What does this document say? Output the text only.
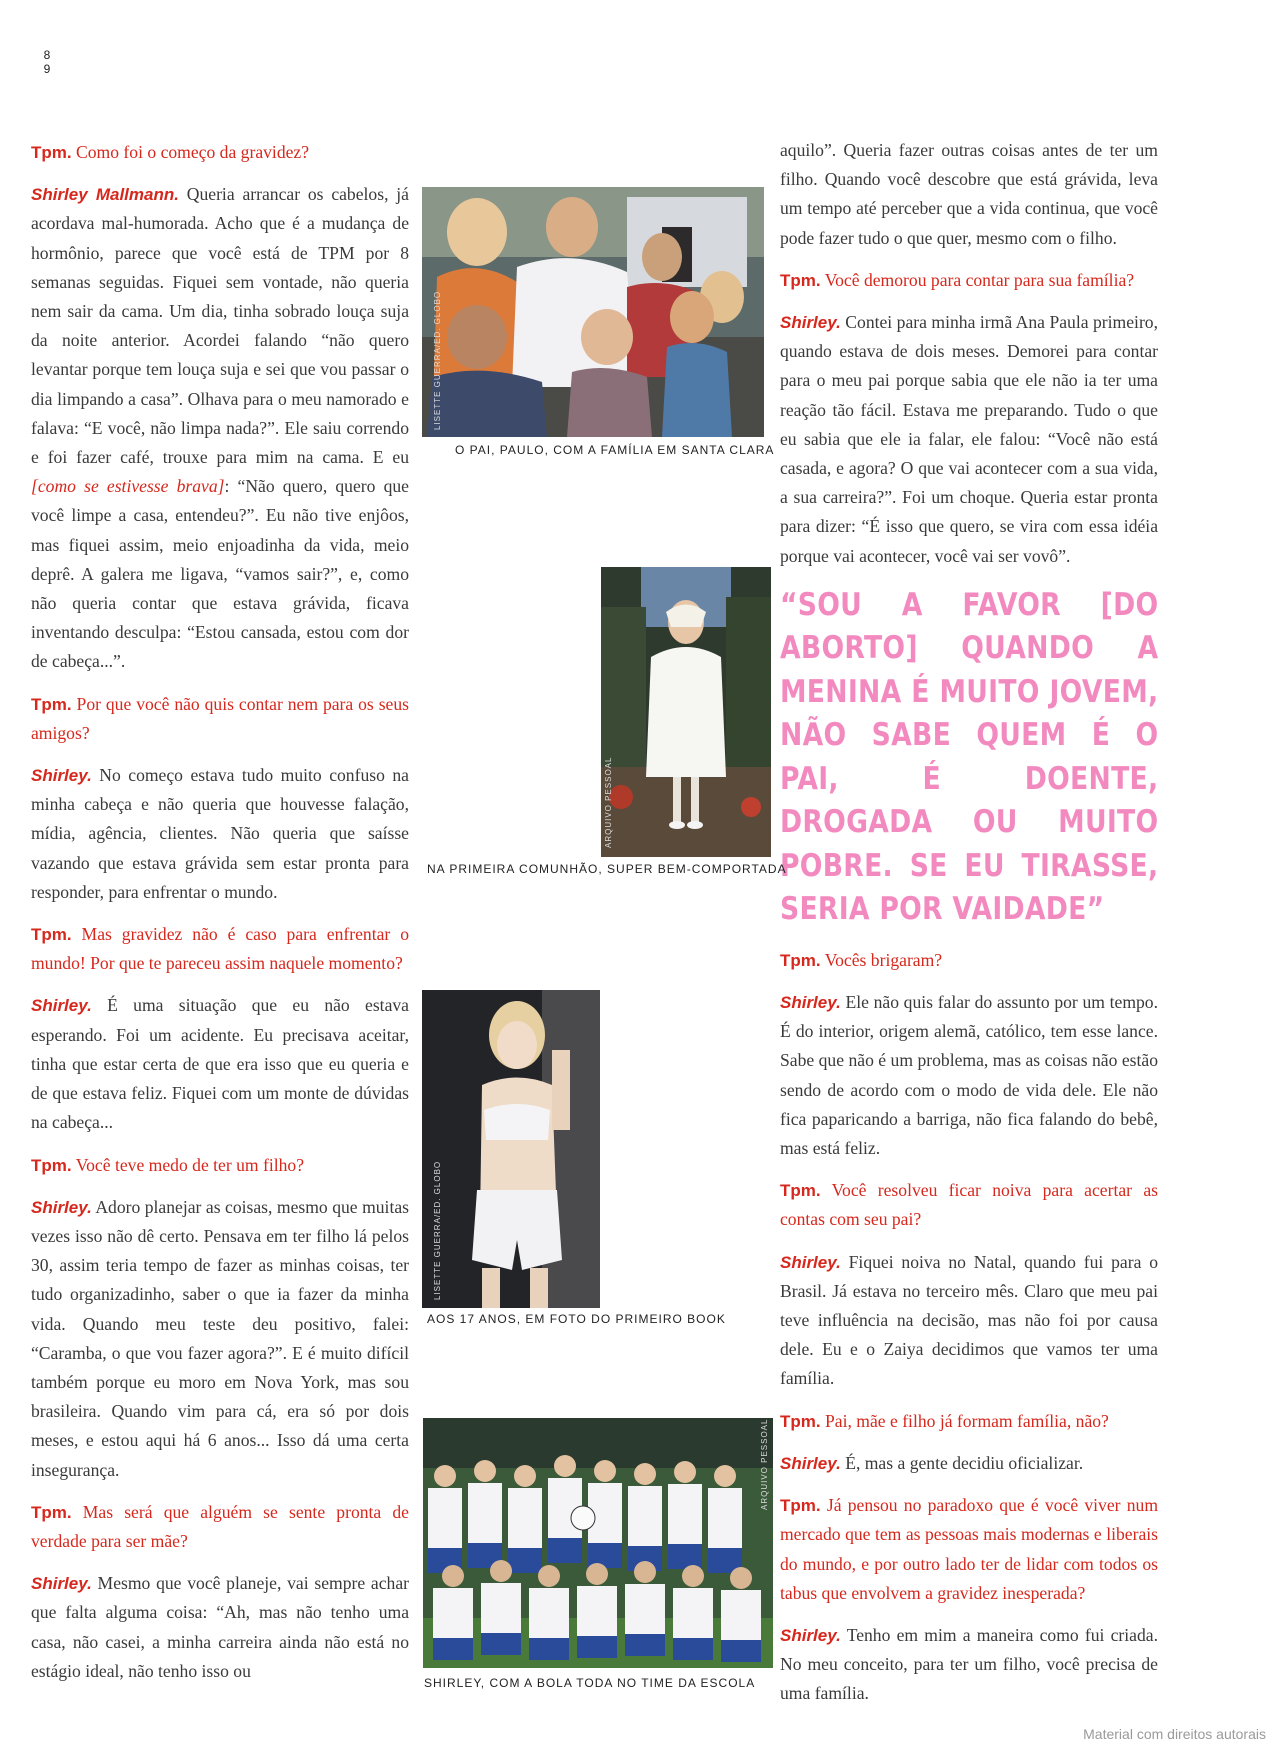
8
9

Tpm. Como foi o começo da gravidez?

Shirley Mallmann. Queria arrancar os cabelos, já acordava mal-humorada. Acho que é a mudança de hormônio, parece que você está de TPM por 8 semanas seguidas. Fiquei sem vontade, não queria nem sair da cama. Um dia, tinha sobrado louça suja da noite anterior. Acordei falando “não quero levantar porque tem louça suja e sei que vou passar o dia limpando a casa”. Olhava para o meu namorado e falava: “E você, não limpa nada?”. Ele saiu correndo e foi fazer café, trouxe para mim na cama. E eu [como se estivesse brava]: “Não quero, quero que você limpe a casa, entendeu?”. Eu não tive enjôos, mas fiquei assim, meio enjoadinha da vida, meio deprê. A galera me ligava, “vamos sair?”, e, como não queria contar que estava grávida, ficava inventando desculpa: “Estou cansada, estou com dor de cabeça...”.

Tpm. Por que você não quis contar nem para os seus amigos?

Shirley. No começo estava tudo muito confuso na minha cabeça e não queria que houvesse falação, mídia, agência, clientes. Não queria que saísse vazando que estava grávida sem estar pronta para responder, para enfrentar o mundo.

Tpm. Mas gravidez não é caso para enfrentar o mundo! Por que te pareceu assim naquele momento?

Shirley. É uma situação que eu não estava esperando. Foi um acidente. Eu precisava aceitar, tinha que estar certa de que era isso que eu queria e de que estava feliz. Fiquei com um monte de dúvidas na cabeça...

Tpm. Você teve medo de ter um filho?

Shirley. Adoro planejar as coisas, mesmo que muitas vezes isso não dê certo. Pensava em ter filho lá pelos 30, assim teria tempo de fazer as minhas coisas, ter tudo organizadinho, saber o que ia fazer da minha vida. Quando meu teste deu positivo, falei: “Caramba, o que vou fazer agora?”. E é muito difícil também porque eu moro em Nova York, mas sou brasileira. Quando vim para cá, era só por dois meses, e estou aqui há 6 anos... Isso dá uma certa insegurança.

Tpm. Mas será que alguém se sente pronta de verdade para ser mãe?

Shirley. Mesmo que você planeje, vai sempre achar que falta alguma coisa: “Ah, mas não tenho uma casa, não casei, a minha carreira ainda não está no estágio ideal, não tenho isso ou

aquilo”. Queria fazer outras coisas antes de ter um filho. Quando você descobre que está grávida, leva um tempo até perceber que a vida continua, que você pode fazer tudo o que quer, mesmo com o filho.

Tpm. Você demorou para contar para sua família?

Shirley. Contei para minha irmã Ana Paula primeiro, quando estava de dois meses. Demorei para contar para o meu pai porque sabia que ele não ia ter uma reação tão fácil. Estava me preparando. Tudo o que eu sabia que ele ia falar, ele falou: “Você não está casada, e agora? O que vai acontecer com a sua vida, a sua carreira?”. Foi um choque. Queria estar pronta para dizer: “É isso que quero, se vira com essa idéia porque vai acontecer, você vai ser vovô”.

“SOU A FAVOR [DO ABORTO] QUANDO A MENINA É MUITO JOVEM, NÃO SABE QUEM É O PAI, É DOENTE, DROGADA OU MUITO POBRE. SE EU TIRASSE, SERIA POR VAIDADE”

Tpm. Vocês brigaram?

Shirley. Ele não quis falar do assunto por um tempo. É do interior, origem alemã, católico, tem esse lance. Sabe que não é um problema, mas as coisas não estão sendo de acordo com o modo de vida dele. Ele não fica paparicando a barriga, não fica falando do bebê, mas está feliz.

Tpm. Você resolveu ficar noiva para acertar as contas com seu pai?

Shirley. Fiquei noiva no Natal, quando fui para o Brasil. Já estava no terceiro mês. Claro que meu pai teve influência na decisão, mas não foi por causa dele. Eu e o Zaiya decidimos que vamos ter uma família.

Tpm. Pai, mãe e filho já formam família, não?

Shirley. É, mas a gente decidiu oficializar.

Tpm. Já pensou no paradoxo que é você viver num mercado que tem as pessoas mais modernas e liberais do mundo, e por outro lado ter de lidar com todos os tabus que envolvem a gravidez inesperada?

Shirley. Tenho em mim a maneira como fui criada. No meu conceito, para ter um filho, você precisa de uma família.

LISETTE GUERRA/ED. GLOBO
O PAI, PAULO, COM A FAMÍLIA EM SANTA CLARA
ARQUIVO PESSOAL
NA PRIMEIRA COMUNHÃO, SUPER BEM-COMPORTADA
LISETTE GUERRA/ED. GLOBO
AOS 17 ANOS, EM FOTO DO PRIMEIRO BOOK
ARQUIVO PESSOAL
SHIRLEY, COM A BOLA TODA NO TIME DA ESCOLA
Material com direitos autorais
